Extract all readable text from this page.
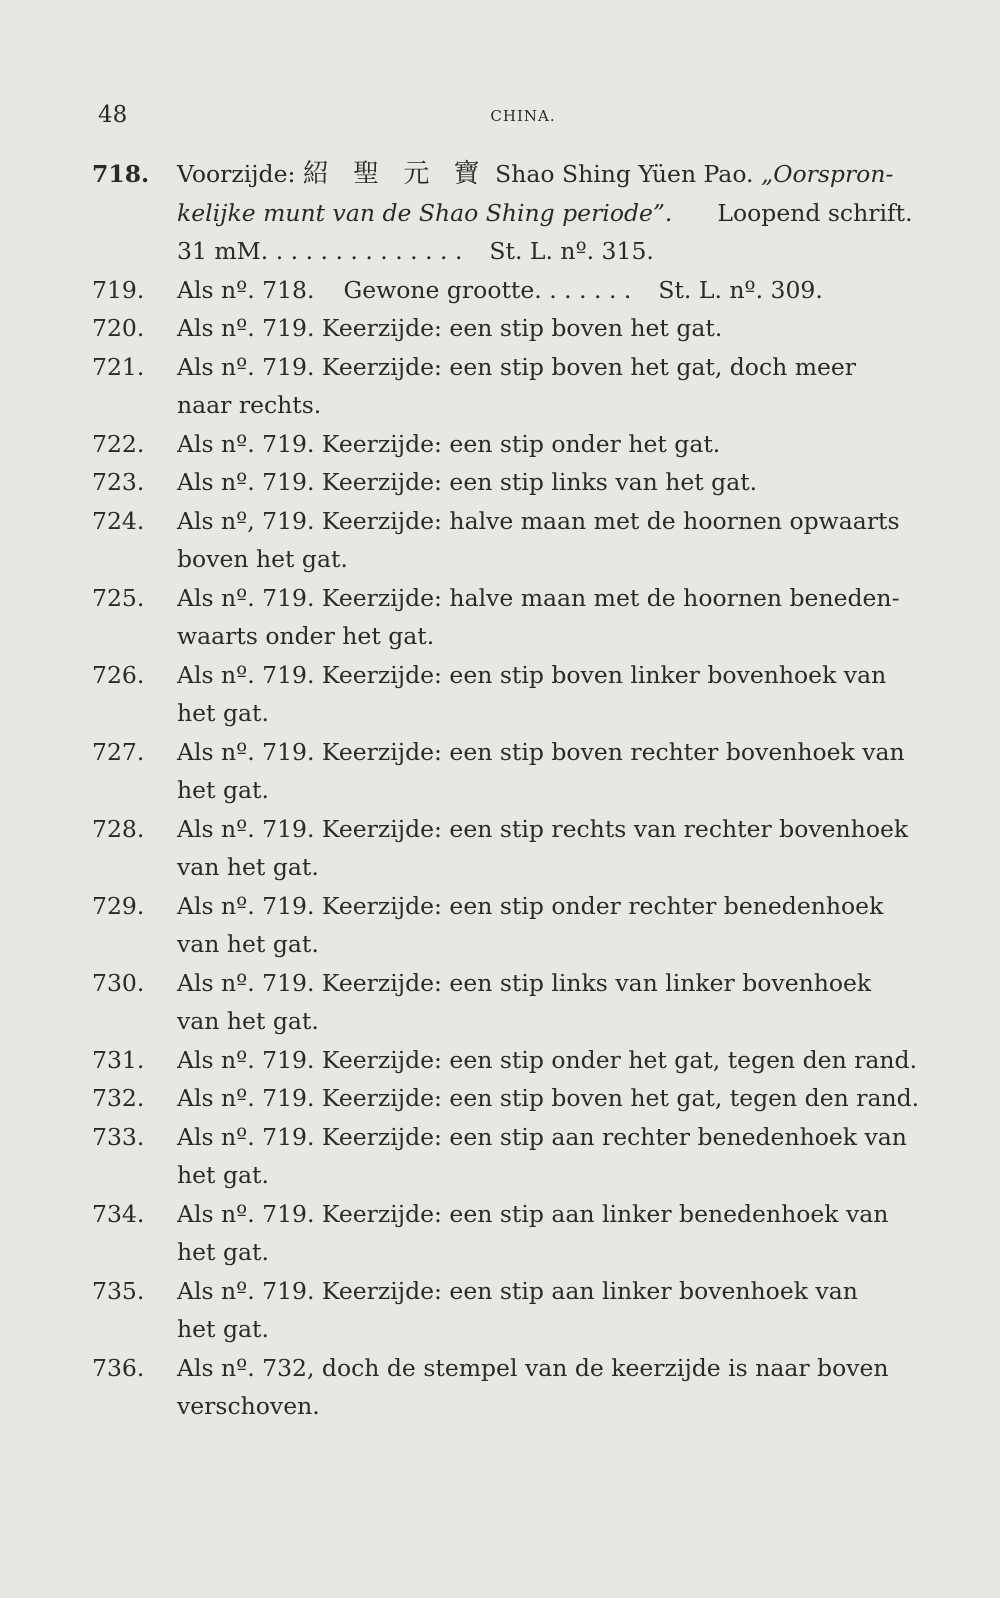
48	CHINA.
718. Voorzijde: 紹 聖 元 寶 Shao Shing Yüen Pao. „Oorspron-
kelijke munt van de Shao Shing periode”. Loopend schrift.
31 mM. . . . . . . . . . . . . . St. L. nº. 315.
719. Als nº. 718. Gewone grootte. . . . . . . St. L. nº. 309.
720. Als nº. 719. Keerzijde: een stip boven het gat.
721. Als nº. 719. Keerzijde: een stip boven het gat, doch meer
naar rechts.
722. Als nº. 719. Keerzijde: een stip onder het gat.
723. Als nº. 719. Keerzijde: een stip links van het gat.
724. Als nº, 719. Keerzijde: halve maan met de hoornen opwaarts
boven het gat.
725. Als nº. 719. Keerzijde: halve maan met de hoornen beneden-
waarts onder het gat.
726. Als nº. 719. Keerzijde: een stip boven linker bovenhoek van
het gat.
727. Als nº. 719. Keerzijde: een stip boven rechter bovenhoek van
het gat.
728. Als nº. 719. Keerzijde: een stip rechts van rechter bovenhoek
van het gat.
729. Als nº. 719. Keerzijde: een stip onder rechter benedenhoek
van het gat.
730. Als nº. 719. Keerzijde: een stip links van linker bovenhoek
van het gat.
731. Als nº. 719. Keerzijde: een stip onder het gat, tegen den rand.
732. Als nº. 719. Keerzijde: een stip boven het gat, tegen den rand.
733. Als nº. 719. Keerzijde: een stip aan rechter benedenhoek van
het gat.
734. Als nº. 719. Keerzijde: een stip aan linker benedenhoek van
het gat.
735. Als nº. 719. Keerzijde: een stip aan linker bovenhoek van
het gat.
736. Als nº. 732, doch de stempel van de keerzijde is naar boven
verschoven.
